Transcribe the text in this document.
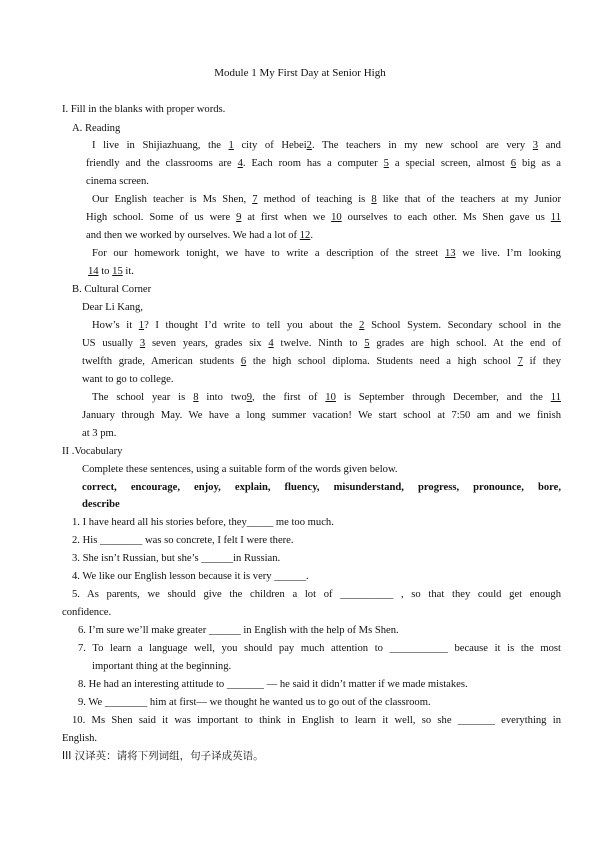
Module 1 My First Day at Senior High
I. Fill in the blanks with proper words.
A. Reading
I live in Shijiazhuang, the 1 city of Hebei2. The teachers in my new school are very 3 and
friendly and the classrooms are 4. Each room has a computer 5 a special screen, almost 6 big as a
cinema screen.
Our English teacher is Ms Shen, 7 method of teaching is 8 like that of the teachers at my Junior
High school. Some of us were 9 at first when we 10 ourselves to each other. Ms Shen gave us 11
and then we worked by ourselves. We had a lot of 12.
For our homework tonight, we have to write a description of the street 13 we live. I’m looking
14 to 15 it.
B. Cultural Corner
Dear Li Kang,
How’s it 1? I thought I’d write to tell you about the 2 School System. Secondary school in the
US usually 3 seven years, grades six 4 twelve. Ninth to 5 grades are high school. At the end of
twelfth grade, American students 6 the high school diploma. Students need a high school 7 if they
want to go to college.
The school year is 8 into two9, the first of 10 is September through December, and the 11
January through May. We have a long summer vacation! We start school at 7:50 am and we finish
at 3 pm.
II .Vocabulary
Complete these sentences, using a suitable form of the words given below.
correct, encourage, enjoy, explain, fluency, misunderstand, progress, pronounce, bore,
describe
1. I have heard all his stories before, they_____ me too much.
2. His ________ was so concrete, I felt I were there.
3. She isn’t Russian, but she’s ______in Russian.
4. We like our English lesson because it is very ______.
5. As parents, we should give the children a lot of __________ , so that they could get enough
confidence.
6. I’m sure we’ll make greater ______ in English with the help of Ms Shen.
7. To learn a language well, you should pay much attention to ___________ because it is the most
important thing at the beginning.
8. He had an interesting attitude to _______ — he said it didn’t matter if we made mistakes.
9. We ________ him at first— we thought he wanted us to go out of the classroom.
10. Ms Shen said it was important to think in English to learn it well, so she _______ everything in
English.
III 汉译英：请将下列词组，句子译成英语。
